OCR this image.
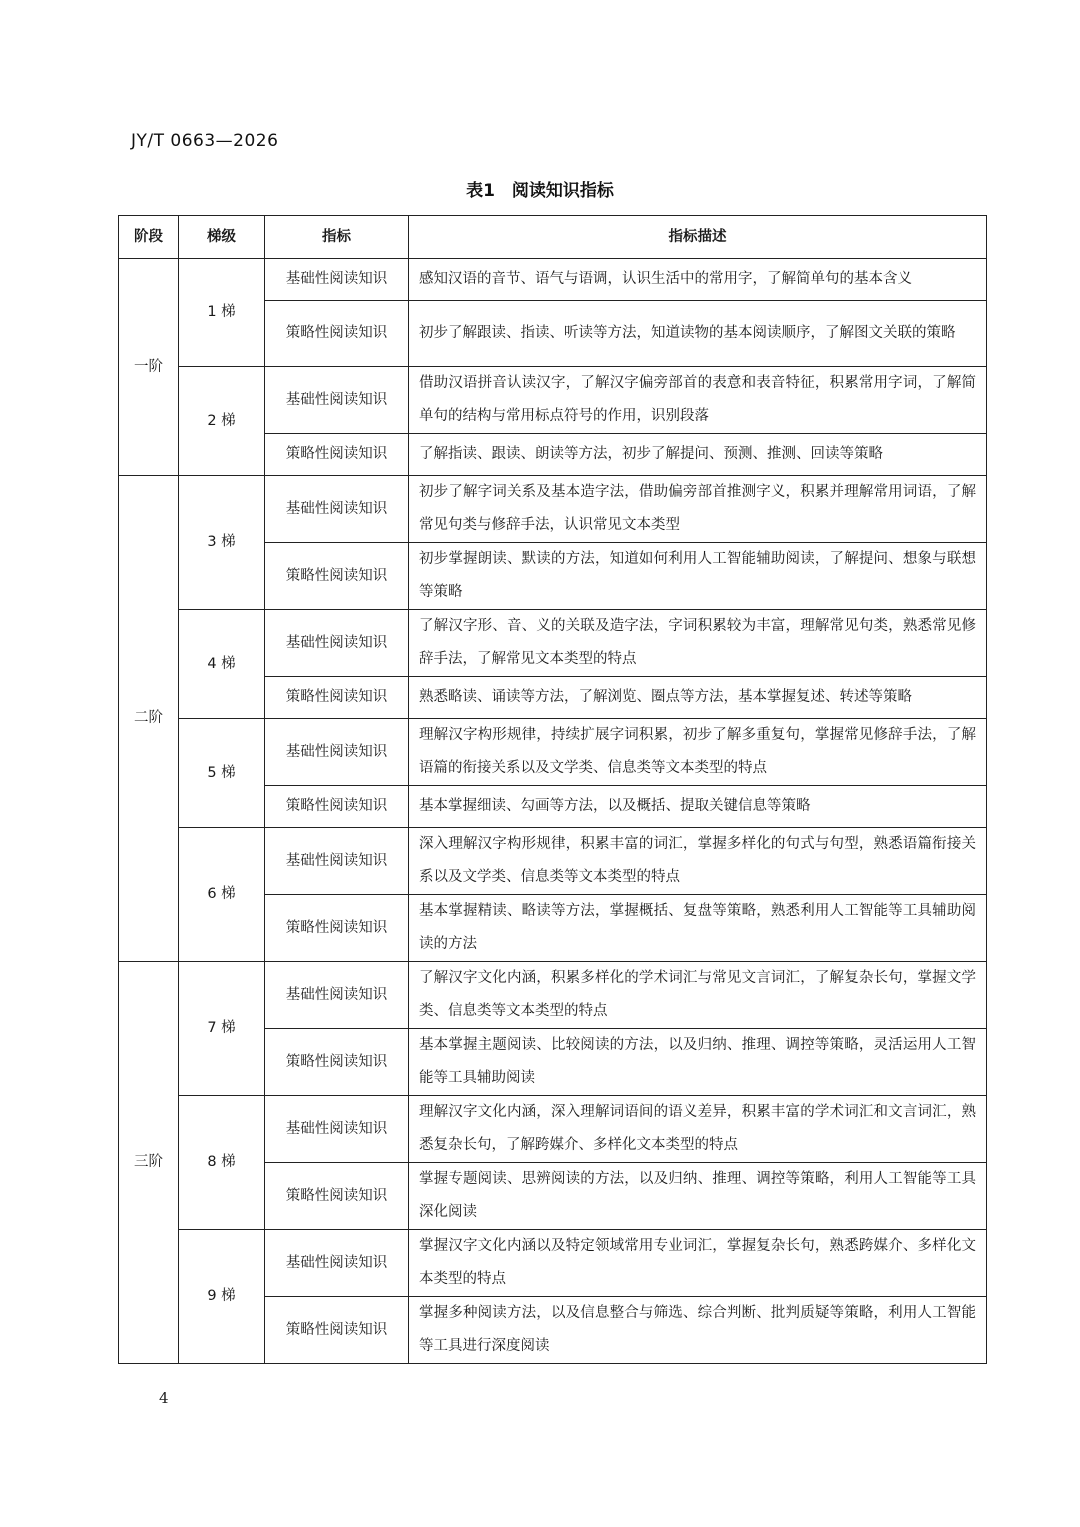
JY/T 0663—2026
表1　阅读知识指标
阶段	梯级	指标	指标描述
一阶	1 梯	基础性阅读知识	感知汉语的音节、语气与语调，认识生活中的常用字，了解简单句的基本含义
		策略性阅读知识	初步了解跟读、指读、听读等方法，知道读物的基本阅读顺序，了解图文关联的策略
	2 梯	基础性阅读知识	借助汉语拼音认读汉字，了解汉字偏旁部首的表意和表音特征，积累常用字词，了解简单句的结构与常用标点符号的作用，识别段落
		策略性阅读知识	了解指读、跟读、朗读等方法，初步了解提问、预测、推测、回读等策略
二阶	3 梯	基础性阅读知识	初步了解字词关系及基本造字法，借助偏旁部首推测字义，积累并理解常用词语，了解常见句类与修辞手法，认识常见文本类型
		策略性阅读知识	初步掌握朗读、默读的方法，知道如何利用人工智能辅助阅读，了解提问、想象与联想等策略
	4 梯	基础性阅读知识	了解汉字形、音、义的关联及造字法，字词积累较为丰富，理解常见句类，熟悉常见修辞手法，了解常见文本类型的特点
		策略性阅读知识	熟悉略读、诵读等方法，了解浏览、圈点等方法，基本掌握复述、转述等策略
	5 梯	基础性阅读知识	理解汉字构形规律，持续扩展字词积累，初步了解多重复句，掌握常见修辞手法，了解语篇的衔接关系以及文学类、信息类等文本类型的特点
		策略性阅读知识	基本掌握细读、勾画等方法，以及概括、提取关键信息等策略
	6 梯	基础性阅读知识	深入理解汉字构形规律，积累丰富的词汇，掌握多样化的句式与句型，熟悉语篇衔接关系以及文学类、信息类等文本类型的特点
		策略性阅读知识	基本掌握精读、略读等方法，掌握概括、复盘等策略，熟悉利用人工智能等工具辅助阅读的方法
三阶	7 梯	基础性阅读知识	了解汉字文化内涵，积累多样化的学术词汇与常见文言词汇，了解复杂长句，掌握文学类、信息类等文本类型的特点
		策略性阅读知识	基本掌握主题阅读、比较阅读的方法，以及归纳、推理、调控等策略，灵活运用人工智能等工具辅助阅读
	8 梯	基础性阅读知识	理解汉字文化内涵，深入理解词语间的语义差异，积累丰富的学术词汇和文言词汇，熟悉复杂长句，了解跨媒介、多样化文本类型的特点
		策略性阅读知识	掌握专题阅读、思辨阅读的方法，以及归纳、推理、调控等策略，利用人工智能等工具深化阅读
	9 梯	基础性阅读知识	掌握汉字文化内涵以及特定领域常用专业词汇，掌握复杂长句，熟悉跨媒介、多样化文本类型的特点
		策略性阅读知识	掌握多种阅读方法，以及信息整合与筛选、综合判断、批判质疑等策略，利用人工智能等工具进行深度阅读
4
